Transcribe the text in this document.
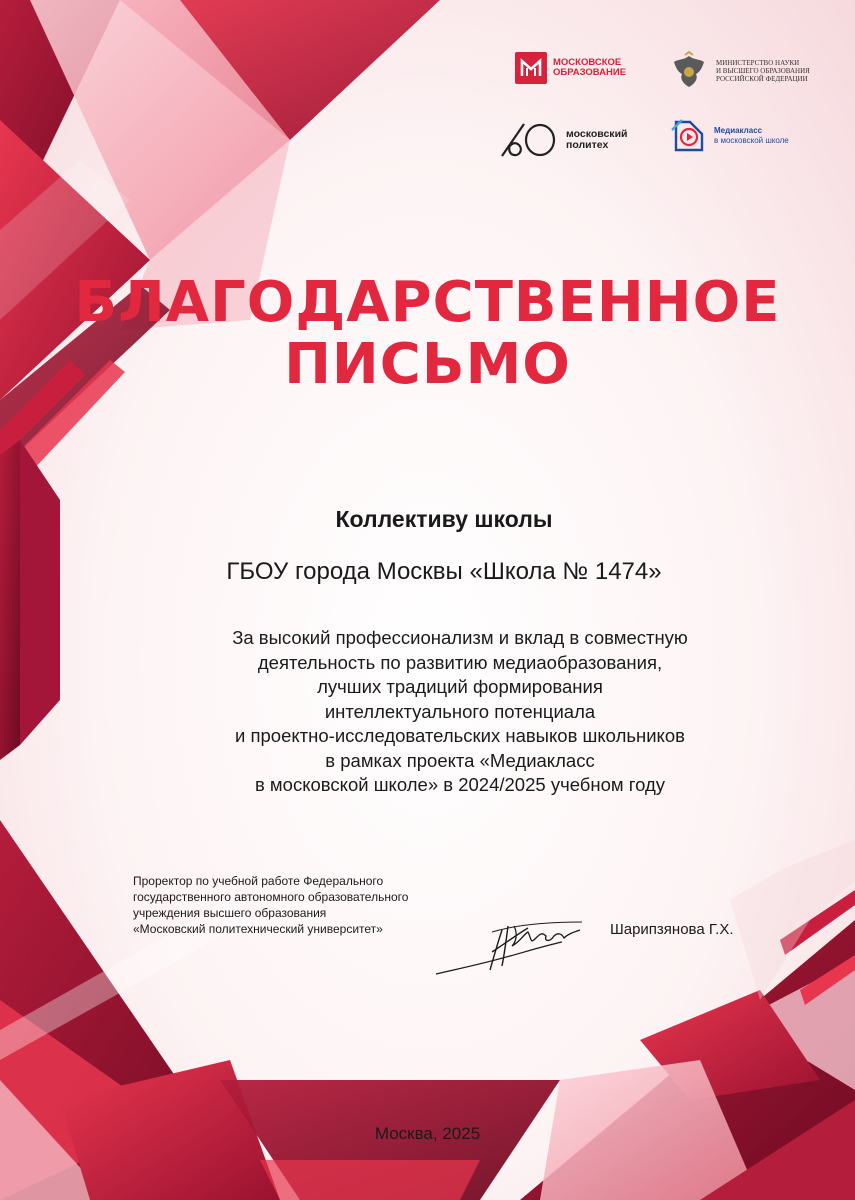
МОСКОВСКОЕ
ОБРАЗОВАНИЕ
МИНИСТЕРСТВО НАУКИ
И ВЫСШЕГО ОБРАЗОВАНИЯ
РОССИЙСКОЙ ФЕДЕРАЦИИ
московский
политех
Медиакласс
в московской школе
БЛАГОДАРСТВЕННОЕ
ПИСЬМО
Коллективу школы
ГБОУ города Москвы «Школа № 1474»
За высокий профессионализм и вклад в совместную
деятельность по развитию медиаобразования,
лучших традиций формирования
интеллектуального потенциала
и проектно-исследовательских навыков школьников
в рамках проекта «Медиакласс
в московской школе» в 2024/2025 учебном году
Проректор по учебной работе Федерального
государственного автономного образовательного
учреждения высшего образования
«Московский политехнический университет»	Шарипзянова Г.Х.
Москва, 2025
